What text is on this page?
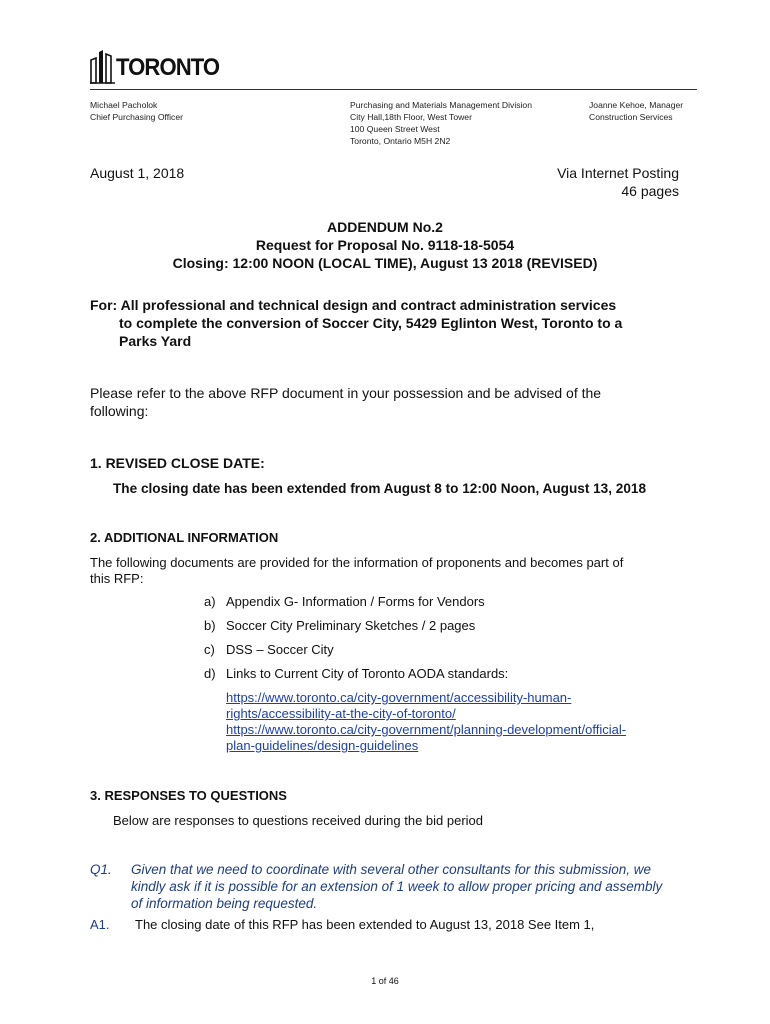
TORONTO
Michael Pacholok
Chief Purchasing Officer
Purchasing and Materials Management Division
City Hall,18th Floor, West Tower
100 Queen Street West
Toronto, Ontario M5H 2N2
Joanne Kehoe, Manager
Construction Services
August 1, 2018	Via Internet Posting
46 pages
ADDENDUM No.2
Request for Proposal No. 9118-18-5054
Closing: 12:00 NOON (LOCAL TIME), August 13 2018 (REVISED)
For: All professional and technical design and contract administration services
to complete the conversion of Soccer City, 5429 Eglinton West, Toronto to a
Parks Yard
Please refer to the above RFP document in your possession and be advised of the
following:
1. REVISED CLOSE DATE:
The closing date has been extended from August 8 to 12:00 Noon, August 13, 2018
2. ADDITIONAL INFORMATION
The following documents are provided for the information of proponents and becomes part of
this RFP:
a) Appendix G- Information / Forms for Vendors
b) Soccer City Preliminary Sketches / 2 pages
c) DSS – Soccer City
d) Links to Current City of Toronto AODA standards:
https://www.toronto.ca/city-government/accessibility-human-
rights/accessibility-at-the-city-of-toronto/
https://www.toronto.ca/city-government/planning-development/official-
plan-guidelines/design-guidelines
3. RESPONSES TO QUESTIONS
Below are responses to questions received during the bid period
Q1. Given that we need to coordinate with several other consultants for this submission, we
kindly ask if it is possible for an extension of 1 week to allow proper pricing and assembly
of information being requested.
A1. The closing date of this RFP has been extended to August 13, 2018 See Item 1,
1 of 46
